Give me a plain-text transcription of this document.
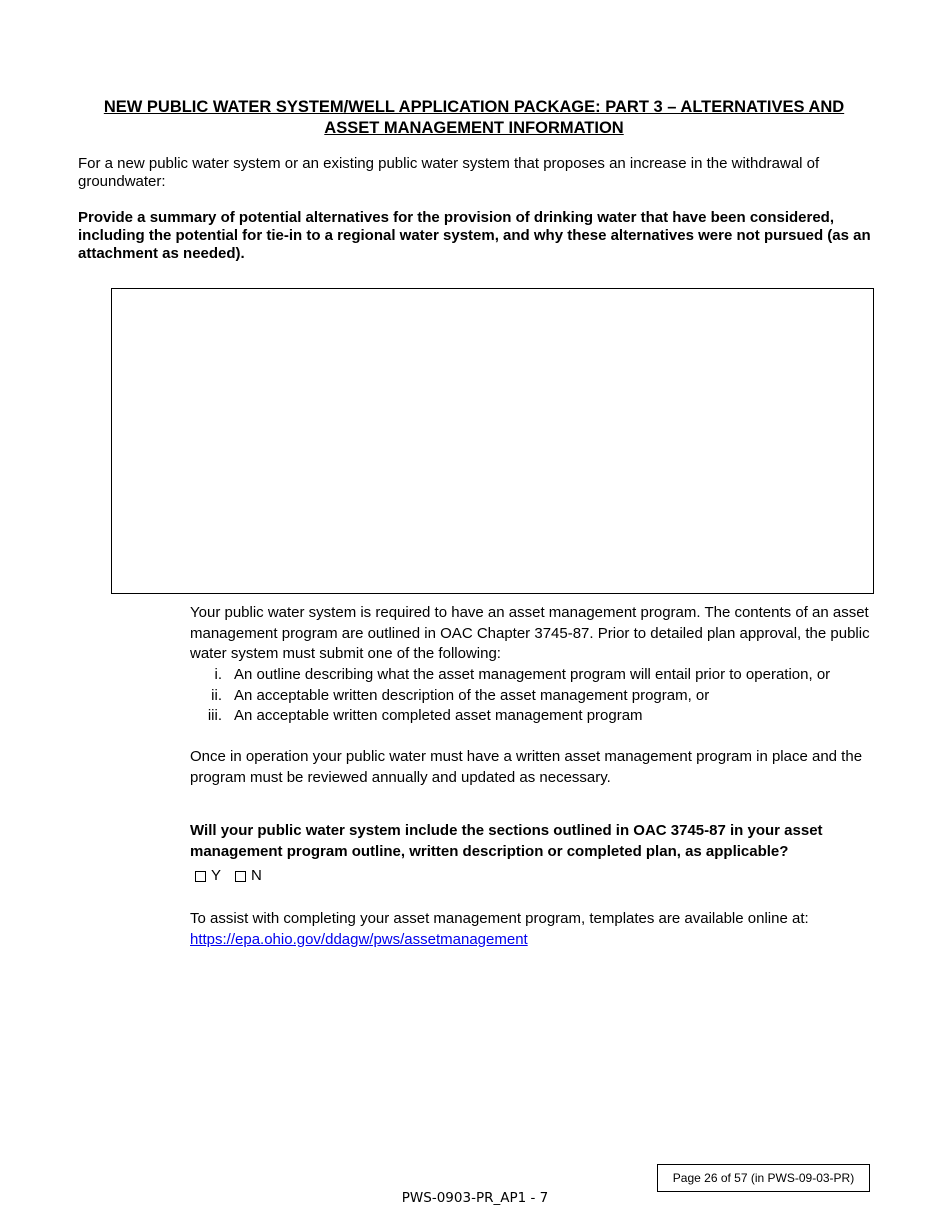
NEW PUBLIC WATER SYSTEM/WELL APPLICATION PACKAGE: PART 3 – ALTERNATIVES AND ASSET MANAGEMENT INFORMATION

For a new public water system or an existing public water system that proposes an increase in the withdrawal of groundwater:

Provide a summary of potential alternatives for the provision of drinking water that have been considered, including the potential for tie-in to a regional water system, and why these alternatives were not pursued (as an attachment as needed).

Your public water system is required to have an asset management program. The contents of an asset management program are outlined in OAC Chapter 3745-87. Prior to detailed plan approval, the public water system must submit one of the following:

i. An outline describing what the asset management program will entail prior to operation, or
ii. An acceptable written description of the asset management program, or
iii. An acceptable written completed asset management program

Once in operation your public water must have a written asset management program in place and the program must be reviewed annually and updated as necessary.

Will your public water system include the sections outlined in OAC 3745-87 in your asset management program outline, written description or completed plan, as applicable?

Y N

To assist with completing your asset management program, templates are available online at:
https://epa.ohio.gov/ddagw/pws/assetmanagement

Page 26 of 57 (in PWS-09-03-PR)
PWS-0903-PR_AP1 - 7
